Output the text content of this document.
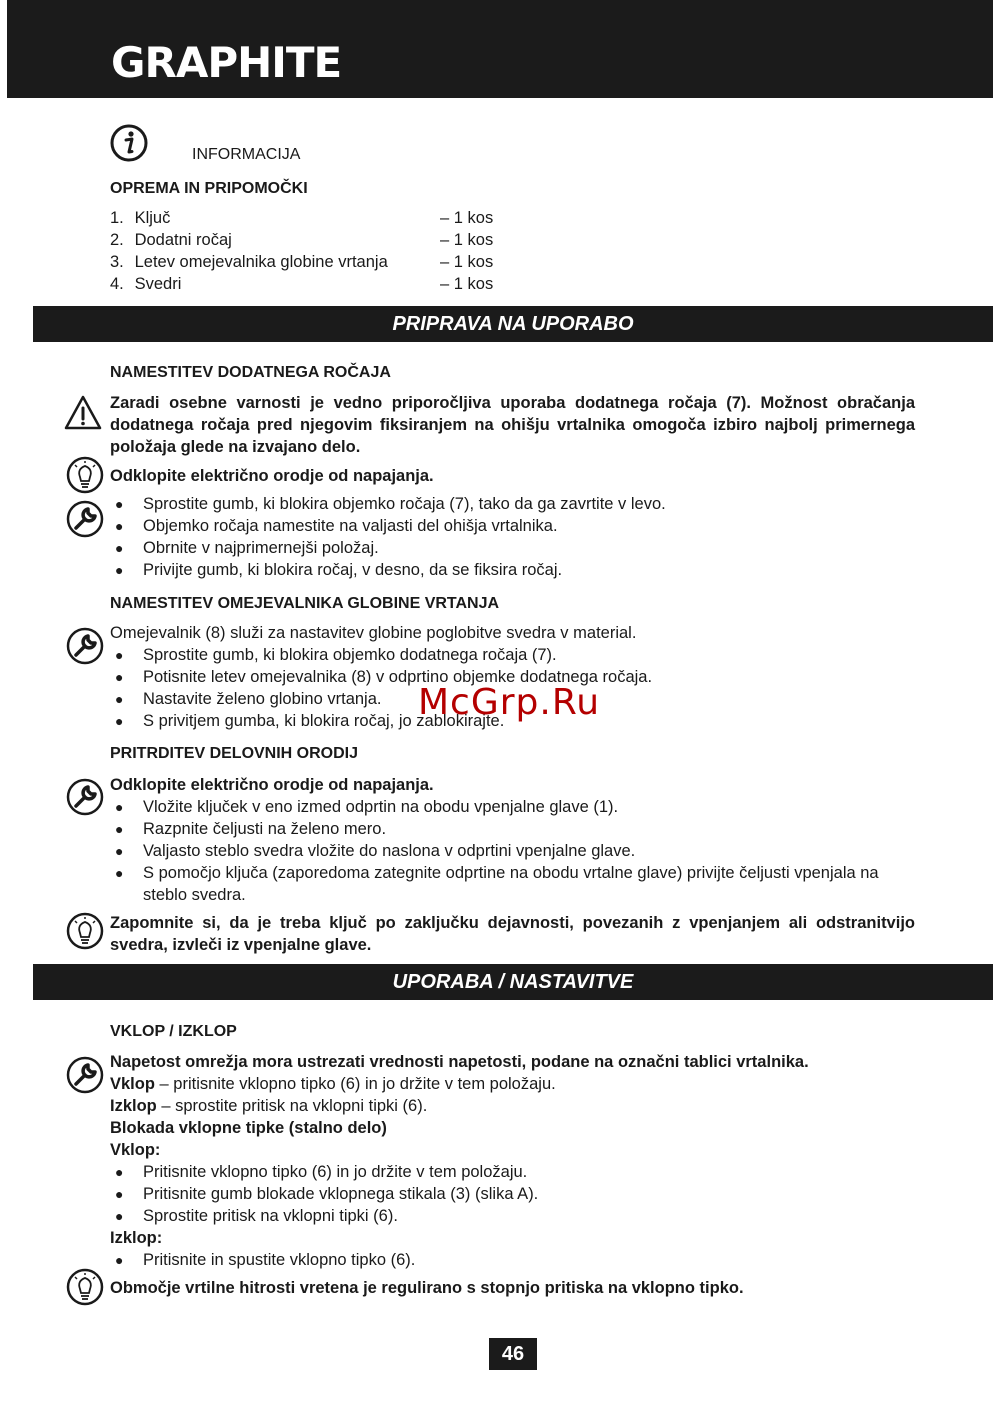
GRAPHITE
INFORMACIJA
OPREMA IN PRIPOMOČKI
1. Ključ	– 1 kos
2. Dodatni ročaj	– 1 kos
3. Letev omejevalnika globine vrtanja	– 1 kos
4. Svedri	– 1 kos
PRIPRAVA NA UPORABO
NAMESTITEV DODATNEGA ROČAJA
Zaradi osebne varnosti je vedno priporočljiva uporaba dodatnega ročaja (7). Možnost obračanja dodatnega ročaja pred njegovim fiksiranjem na ohišju vrtalnika omogoča izbiro najbolj primernega položaja glede na izvajano delo.
Odklopite električno orodje od napajanja.
● Sprostite gumb, ki blokira objemko ročaja (7), tako da ga zavrtite v levo.
● Objemko ročaja namestite na valjasti del ohišja vrtalnika.
● Obrnite v najprimernejši položaj.
● Privijte gumb, ki blokira ročaj, v desno, da se fiksira ročaj.
NAMESTITEV OMEJEVALNIKA GLOBINE VRTANJA
Omejevalnik (8) služi za nastavitev globine poglobitve svedra v material.
● Sprostite gumb, ki blokira objemko dodatnega ročaja (7).
● Potisnite letev omejevalnika (8) v odprtino objemke dodatnega ročaja.
● Nastavite želeno globino vrtanja.
● S privitjem gumba, ki blokira ročaj, jo zablokirajte.
McGrp.Ru
PRITRDITEV DELOVNIH ORODIJ
Odklopite električno orodje od napajanja.
● Vložite ključek v eno izmed odprtin na obodu vpenjalne glave (1).
● Razpnite čeljusti na želeno mero.
● Valjasto steblo svedra vložite do naslona v odprtini vpenjalne glave.
● S pomočjo ključa (zaporedoma zategnite odprtine na obodu vrtalne glave) privijte čeljusti vpenjala na steblo svedra.
Zapomnite si, da je treba ključ po zaključku dejavnosti, povezanih z vpenjanjem ali odstranitvijo svedra, izvleči iz vpenjalne glave.
UPORABA / NASTAVITVE
VKLOP / IZKLOP
Napetost omrežja mora ustrezati vrednosti napetosti, podane na označni tablici vrtalnika.
Vklop – pritisnite vklopno tipko (6) in jo držite v tem položaju.
Izklop – sprostite pritisk na vklopni tipki (6).
Blokada vklopne tipke (stalno delo)
Vklop:
● Pritisnite vklopno tipko (6) in jo držite v tem položaju.
● Pritisnite gumb blokade vklopnega stikala (3) (slika A).
● Sprostite pritisk na vklopni tipki (6).
Izklop:
● Pritisnite in spustite vklopno tipko (6).
Območje vrtilne hitrosti vretena je regulirano s stopnjo pritiska na vklopno tipko.
46
